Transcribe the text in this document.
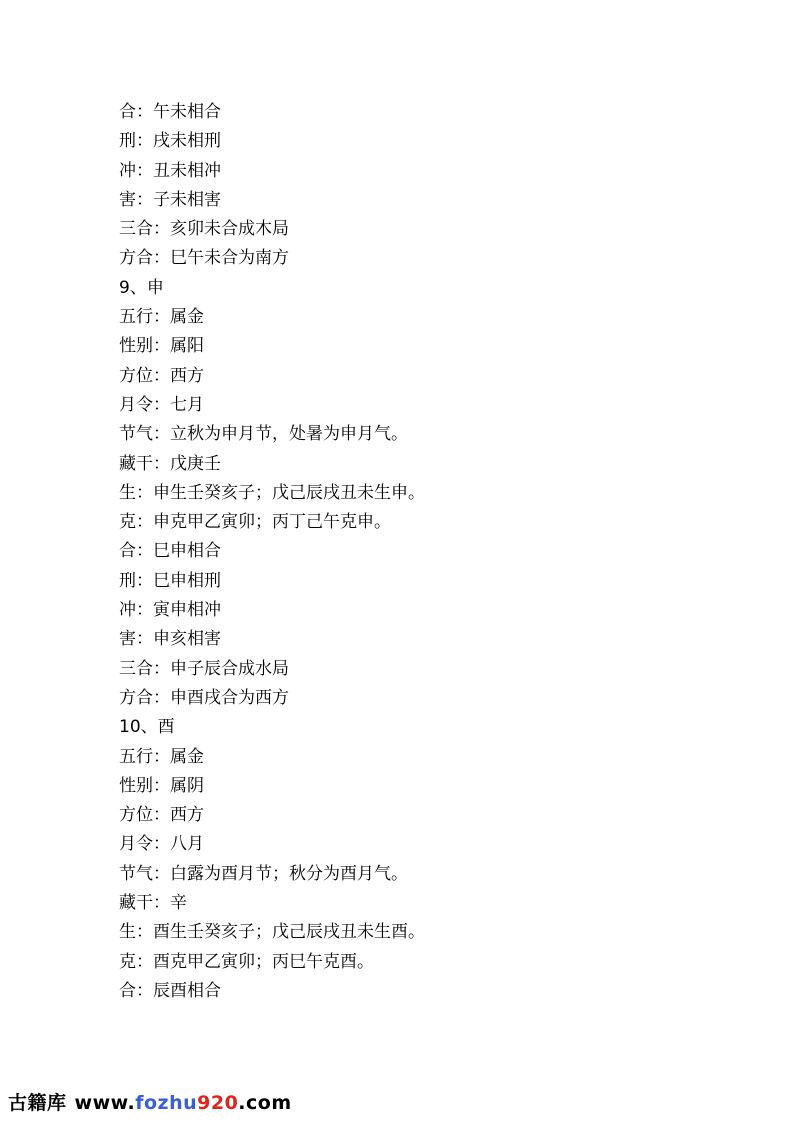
合：午未相合
刑：戌未相刑
冲：丑未相冲
害：子未相害
三合：亥卯未合成木局
方合：巳午未合为南方
9、申
五行：属金
性别：属阳
方位：西方
月令：七月
节气：立秋为申月节，处暑为申月气。
藏干：戊庚壬
生：申生壬癸亥子；戊己辰戌丑未生申。
克：申克甲乙寅卯；丙丁己午克申。
合：巳申相合
刑：巳申相刑
冲：寅申相冲
害：申亥相害
三合：申子辰合成水局
方合：申酉戌合为西方
10、酉
五行：属金
性别：属阴
方位：西方
月令：八月
节气：白露为酉月节；秋分为酉月气。
藏干：辛
生：酉生壬癸亥子；戊己辰戌丑未生酉。
克：酉克甲乙寅卯；丙巳午克酉。
合：辰酉相合
古籍库 www.fozhu920.com
